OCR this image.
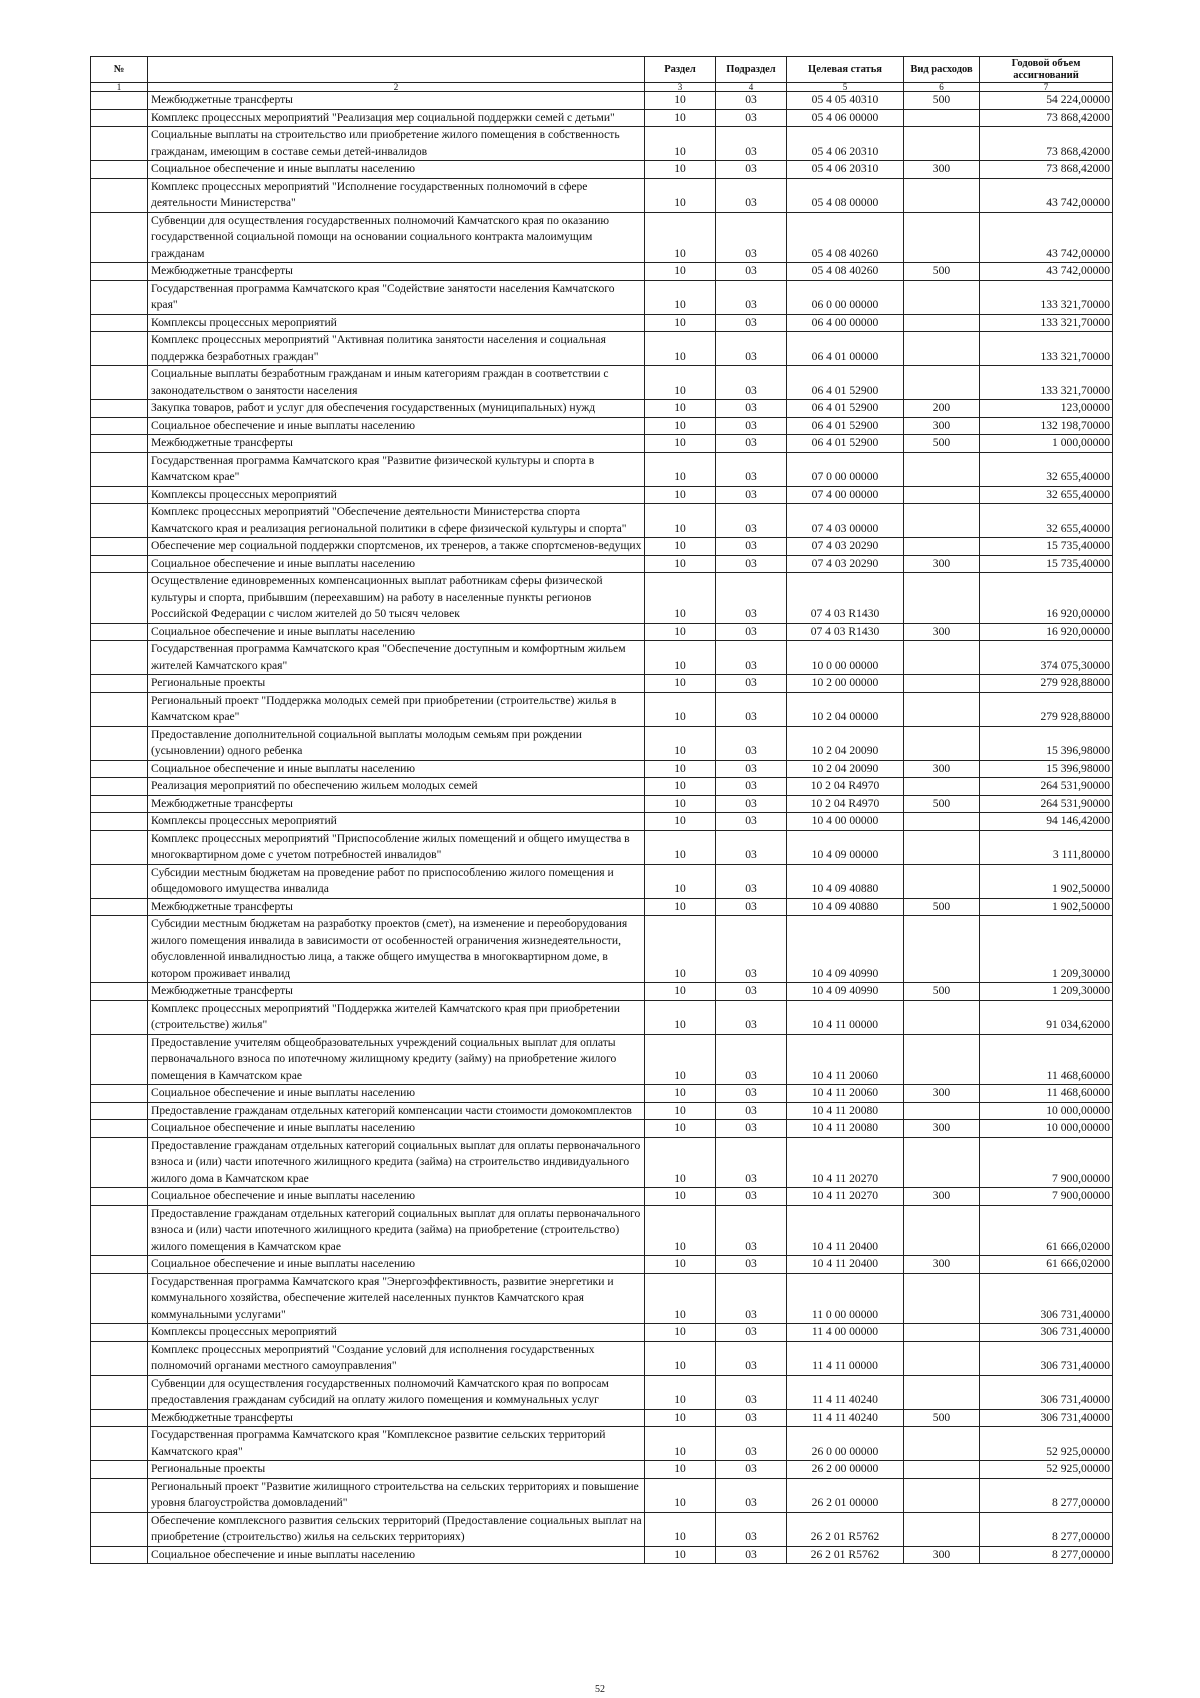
№		Раздел	Подраздел	Целевая статья	Вид расходов	Годовой объем ассигнований
1	2	3	4	5	6	7
	Межбюджетные трансферты	10	03	05 4 05 40310	500	54 224,00000
	Комплекс процессных мероприятий "Реализация мер социальной поддержки семей с детьми"	10	03	05 4 06 00000		73 868,42000
	Социальные выплаты на строительство или приобретение жилого помещения в собственность гражданам, имеющим в составе семьи детей-инвалидов	10	03	05 4 06 20310		73 868,42000
	Социальное обеспечение и иные выплаты населению	10	03	05 4 06 20310	300	73 868,42000
	Комплекс процессных мероприятий "Исполнение государственных полномочий в сфере деятельности Министерства"	10	03	05 4 08 00000		43 742,00000
	Субвенции для осуществления государственных полномочий Камчатского края по оказанию государственной социальной помощи на основании социального контракта малоимущим гражданам	10	03	05 4 08 40260		43 742,00000
	Межбюджетные трансферты	10	03	05 4 08 40260	500	43 742,00000
	Государственная программа Камчатского края "Содействие занятости населения Камчатского края"	10	03	06 0 00 00000		133 321,70000
	Комплексы процессных мероприятий	10	03	06 4 00 00000		133 321,70000
	Комплекс процессных мероприятий "Активная политика занятости населения и социальная поддержка безработных граждан"	10	03	06 4 01 00000		133 321,70000
	Социальные выплаты безработным гражданам и иным категориям граждан в соответствии с законодательством о занятости населения	10	03	06 4 01 52900		133 321,70000
	Закупка товаров, работ и услуг для обеспечения государственных (муниципальных) нужд	10	03	06 4 01 52900	200	123,00000
	Социальное обеспечение и иные выплаты населению	10	03	06 4 01 52900	300	132 198,70000
	Межбюджетные трансферты	10	03	06 4 01 52900	500	1 000,00000
	Государственная программа Камчатского края "Развитие физической культуры и спорта в Камчатском крае"	10	03	07 0 00 00000		32 655,40000
	Комплексы процессных мероприятий	10	03	07 4 00 00000		32 655,40000
	Комплекс процессных мероприятий "Обеспечение деятельности Министерства спорта Камчатского края и реализация региональной политики в сфере физической культуры и спорта"	10	03	07 4 03 00000		32 655,40000
	Обеспечение мер социальной поддержки спортсменов, их тренеров, а также спортсменов-ведущих	10	03	07 4 03 20290		15 735,40000
	Социальное обеспечение и иные выплаты населению	10	03	07 4 03 20290	300	15 735,40000
	Осуществление единовременных компенсационных выплат работникам сферы физической культуры и спорта, прибывшим (переехавшим) на работу в населенные пункты регионов Российской Федерации с числом жителей до 50 тысяч человек	10	03	07 4 03 R1430		16 920,00000
	Социальное обеспечение и иные выплаты населению	10	03	07 4 03 R1430	300	16 920,00000
	Государственная программа Камчатского края "Обеспечение доступным и комфортным жильем жителей Камчатского края"	10	03	10 0 00 00000		374 075,30000
	Региональные проекты	10	03	10 2 00 00000		279 928,88000
	Региональный проект "Поддержка молодых семей при приобретении (строительстве) жилья в Камчатском крае"	10	03	10 2 04 00000		279 928,88000
	Предоставление дополнительной социальной выплаты молодым семьям при рождении (усыновлении) одного ребенка	10	03	10 2 04 20090		15 396,98000
	Социальное обеспечение и иные выплаты населению	10	03	10 2 04 20090	300	15 396,98000
	Реализация мероприятий по обеспечению жильем молодых семей	10	03	10 2 04 R4970		264 531,90000
	Межбюджетные трансферты	10	03	10 2 04 R4970	500	264 531,90000
	Комплексы процессных мероприятий	10	03	10 4 00 00000		94 146,42000
	Комплекс процессных мероприятий "Приспособление жилых помещений и общего имущества в многоквартирном доме с учетом потребностей инвалидов"	10	03	10 4 09 00000		3 111,80000
	Субсидии местным бюджетам на проведение работ по приспособлению жилого помещения и общедомового имущества инвалида	10	03	10 4 09 40880		1 902,50000
	Межбюджетные трансферты	10	03	10 4 09 40880	500	1 902,50000
	Субсидии местным бюджетам на разработку проектов (смет), на изменение и переоборудования жилого помещения инвалида в зависимости от особенностей ограничения жизнедеятельности, обусловленной инвалидностью лица, а также общего имущества в многоквартирном доме, в котором проживает инвалид	10	03	10 4 09 40990		1 209,30000
	Межбюджетные трансферты	10	03	10 4 09 40990	500	1 209,30000
	Комплекс процессных мероприятий "Поддержка жителей Камчатского края при приобретении (строительстве) жилья"	10	03	10 4 11 00000		91 034,62000
	Предоставление учителям общеобразовательных учреждений социальных выплат для оплаты первоначального взноса по ипотечному жилищному кредиту (займу) на приобретение жилого помещения в Камчатском крае	10	03	10 4 11 20060		11 468,60000
	Социальное обеспечение и иные выплаты населению	10	03	10 4 11 20060	300	11 468,60000
	Предоставление гражданам отдельных категорий компенсации части стоимости домокомплектов	10	03	10 4 11 20080		10 000,00000
	Социальное обеспечение и иные выплаты населению	10	03	10 4 11 20080	300	10 000,00000
	Предоставление гражданам отдельных категорий социальных выплат для оплаты первоначального взноса и (или) части ипотечного жилищного кредита (займа) на строительство индивидуального жилого дома в Камчатском крае	10	03	10 4 11 20270		7 900,00000
	Социальное обеспечение и иные выплаты населению	10	03	10 4 11 20270	300	7 900,00000
	Предоставление гражданам отдельных категорий социальных выплат для оплаты первоначального взноса и (или) части ипотечного жилищного кредита (займа) на приобретение (строительство) жилого помещения в Камчатском крае	10	03	10 4 11 20400		61 666,02000
	Социальное обеспечение и иные выплаты населению	10	03	10 4 11 20400	300	61 666,02000
	Государственная программа Камчатского края "Энергоэффективность, развитие энергетики и коммунального хозяйства, обеспечение жителей населенных пунктов Камчатского края коммунальными услугами"	10	03	11 0 00 00000		306 731,40000
	Комплексы процессных мероприятий	10	03	11 4 00 00000		306 731,40000
	Комплекс процессных мероприятий "Создание условий для исполнения государственных полномочий органами местного самоуправления"	10	03	11 4 11 00000		306 731,40000
	Субвенции для осуществления государственных полномочий Камчатского края по вопросам предоставления гражданам субсидий на оплату жилого помещения и коммунальных услуг	10	03	11 4 11 40240		306 731,40000
	Межбюджетные трансферты	10	03	11 4 11 40240	500	306 731,40000
	Государственная программа Камчатского края "Комплексное развитие сельских территорий Камчатского края"	10	03	26 0 00 00000		52 925,00000
	Региональные проекты	10	03	26 2 00 00000		52 925,00000
	Региональный проект "Развитие жилищного строительства на сельских территориях и повышение уровня благоустройства домовладений"	10	03	26 2 01 00000		8 277,00000
	Обеспечение комплексного развития сельских территорий (Предоставление социальных выплат на приобретение (строительство) жилья на сельских территориях)	10	03	26 2 01 R5762		8 277,00000
	Социальное обеспечение и иные выплаты населению	10	03	26 2 01 R5762	300	8 277,00000
52
